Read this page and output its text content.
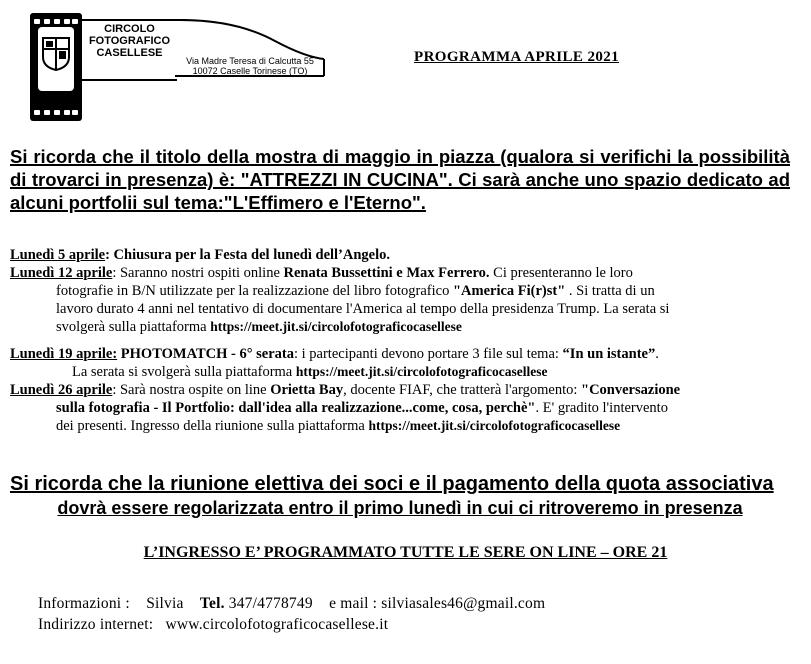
CIRCOLO
FOTOGRAFICO
CASELLESE
Via Madre Teresa di Calcutta 55
10072 Caselle Torinese (TO)
PROGRAMMA APRILE 2021
Si ricorda che il titolo della mostra di maggio in piazza (qualora si verifichi la possibilità di trovarci in presenza) è: "ATTREZZI IN CUCINA". Ci sarà anche uno spazio dedicato ad alcuni portfolii sul tema:"L'Effimero e l'Eterno".
Lunedì 5 aprile: Chiusura per la Festa del lunedì dell’Angelo.
Lunedì 12 aprile: Saranno nostri ospiti online Renata Bussettini e Max Ferrero. Ci presenteranno le loro
fotografie in B/N utilizzate per la realizzazione del libro fotografico "America Fi(r)st" . Si tratta di un
lavoro durato 4 anni nel tentativo di documentare l'America al tempo della presidenza Trump. La serata si
svolgerà sulla piattaforma https://meet.jit.si/circolofotograficocasellese
Lunedì 19 aprile: PHOTOMATCH - 6° serata: i partecipanti devono portare 3 file sul tema: “In un istante”.
La serata si svolgerà sulla piattaforma https://meet.jit.si/circolofotograficocasellese
Lunedì 26 aprile: Sarà nostra ospite on line Orietta Bay, docente FIAF, che tratterà l'argomento: "Conversazione
sulla fotografia - Il Portfolio: dall'idea alla realizzazione...come, cosa, perchè". E' gradito l'intervento
dei presenti. Ingresso della riunione sulla piattaforma https://meet.jit.si/circolofotograficocasellese
Si ricorda che la riunione elettiva dei soci e il pagamento della quota associativa
dovrà essere regolarizzata entro il primo lunedì in cui ci ritroveremo in presenza
L’INGRESSO E’ PROGRAMMATO TUTTE LE SERE ON LINE – ORE 21
Informazioni : Silvia Tel. 347/4778749 e mail : silviasales46@gmail.com
Indirizzo internet: www.circolofotograficocasellese.it
